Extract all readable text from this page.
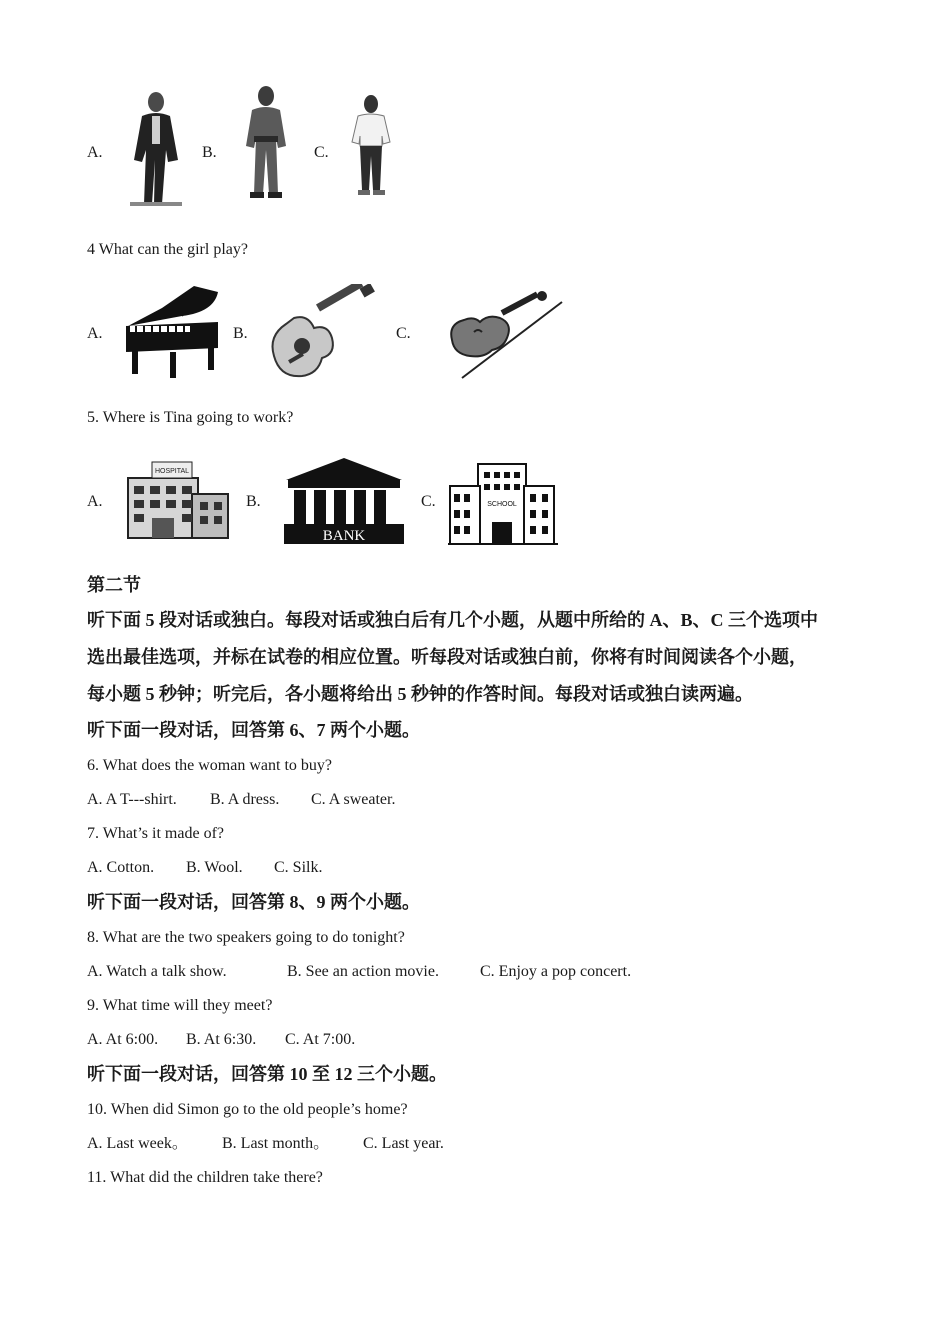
A.	B.	C.
4 What can the girl play?
A.	B.	C.
5. Where is Tina going to work?
A.
HOSPITAL
B.
BANK
C.	SCHOOL
第二节
听下面 5 段对话或独白。每段对话或独白后有几个小题，从题中所给的 A、B、C 三个选项中
选出最佳选项，并标在试卷的相应位置。听每段对话或独白前，你将有时间阅读各个小题，
每小题 5 秒钟；听完后，各小题将给出 5 秒钟的作答时间。每段对话或独白读两遍。
听下面一段对话，回答第 6、7 两个小题。
6. What does the woman want to buy?
A. A T---shirt. B. A dress. C. A sweater.
7. What’s it made of?
A. Cotton. B. Wool. C. Silk.
听下面一段对话，回答第 8、9 两个小题。
8. What are the two speakers going to do tonight?
A. Watch a talk show.	B. See an action movie.	C. Enjoy a pop concert.
9. What time will they meet?
A. At 6:00. B. At 6:30. C. At 7:00.
听下面一段对话，回答第 10 至 12 三个小题。
10. When did Simon go to the old people’s home?
A. Last week。 B. Last month。 C. Last year.
11. What did the children take there?
